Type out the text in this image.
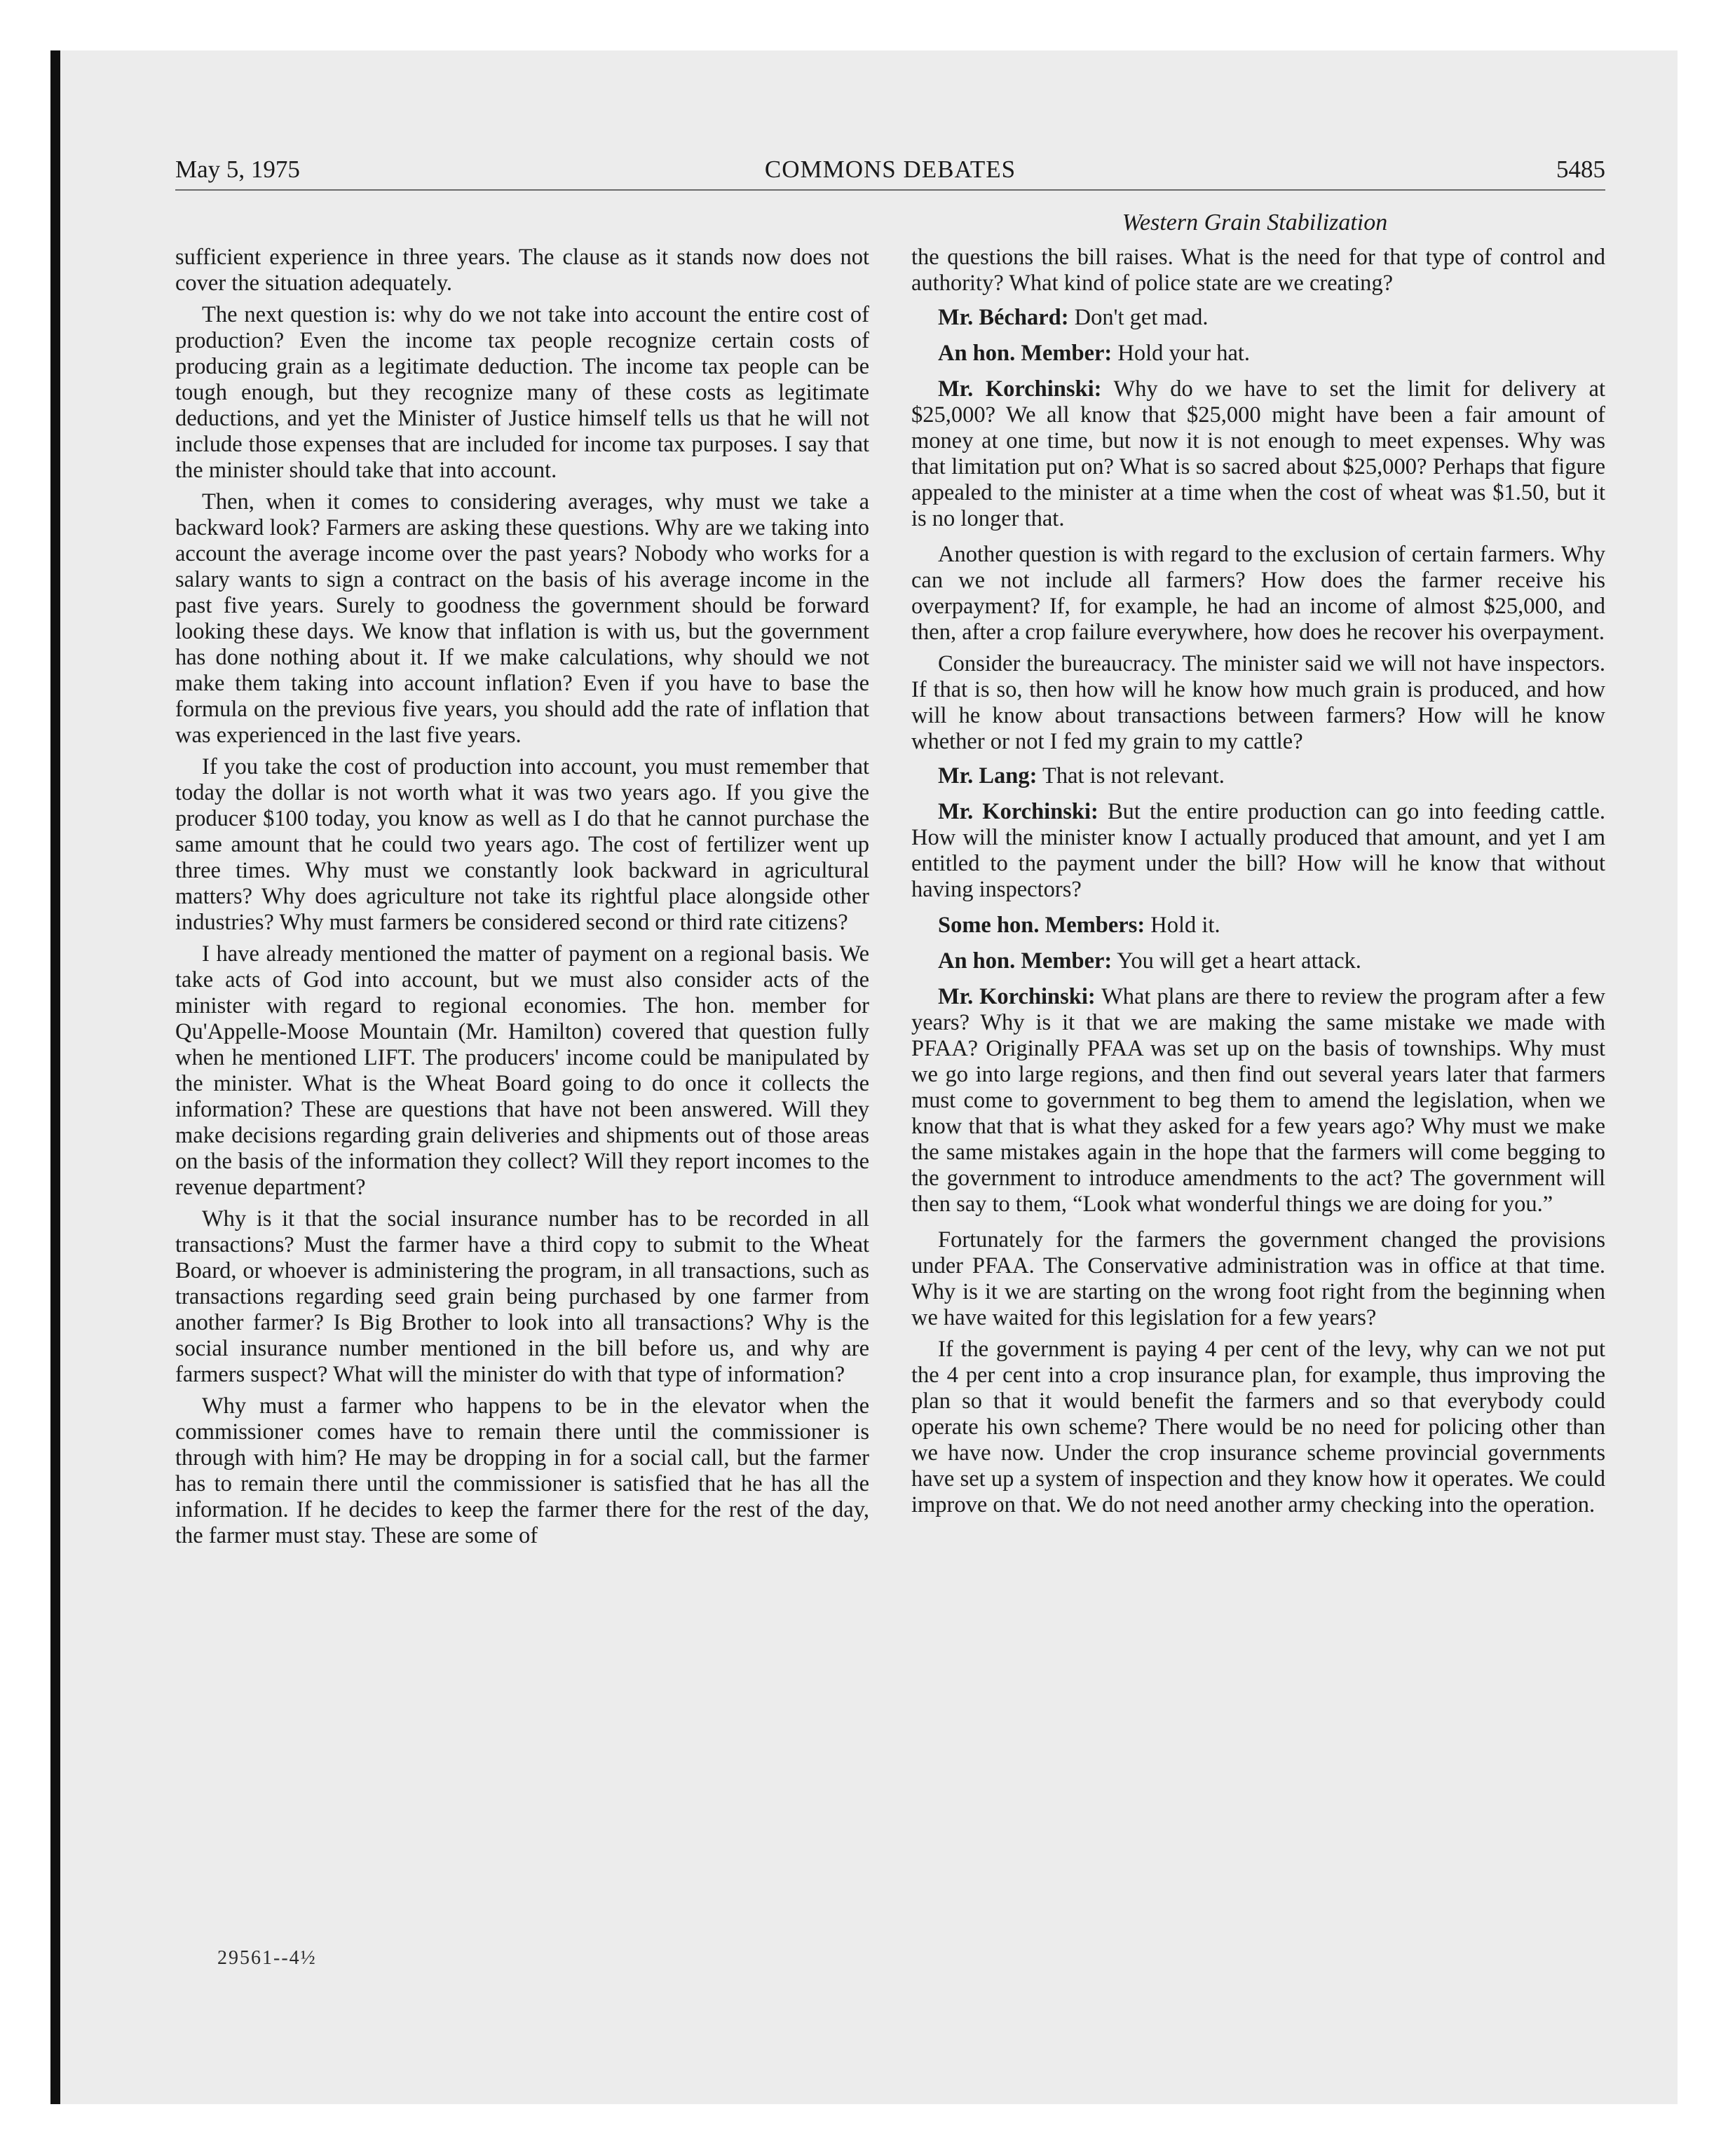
May 5, 1975	COMMONS DEBATES	5485
Western Grain Stabilization

sufficient experience in three years. The clause as it stands now does not cover the situation adequately.

The next question is: why do we not take into account the entire cost of production? Even the income tax people recognize certain costs of producing grain as a legitimate deduction. The income tax people can be tough enough, but they recognize many of these costs as legitimate deductions, and yet the Minister of Justice himself tells us that he will not include those expenses that are included for income tax purposes. I say that the minister should take that into account.

Then, when it comes to considering averages, why must we take a backward look? Farmers are asking these questions. Why are we taking into account the average income over the past years? Nobody who works for a salary wants to sign a contract on the basis of his average income in the past five years. Surely to goodness the government should be forward looking these days. We know that inflation is with us, but the government has done nothing about it. If we make calculations, why should we not make them taking into account inflation? Even if you have to base the formula on the previous five years, you should add the rate of inflation that was experienced in the last five years.

If you take the cost of production into account, you must remember that today the dollar is not worth what it was two years ago. If you give the producer $100 today, you know as well as I do that he cannot purchase the same amount that he could two years ago. The cost of fertilizer went up three times. Why must we constantly look backward in agricultural matters? Why does agriculture not take its rightful place alongside other industries? Why must farmers be considered second or third rate citizens?

I have already mentioned the matter of payment on a regional basis. We take acts of God into account, but we must also consider acts of the minister with regard to regional economies. The hon. member for Qu'Appelle-Moose Mountain (Mr. Hamilton) covered that question fully when he mentioned LIFT. The producers' income could be manipulated by the minister. What is the Wheat Board going to do once it collects the information? These are questions that have not been answered. Will they make decisions regarding grain deliveries and shipments out of those areas on the basis of the information they collect? Will they report incomes to the revenue department?

Why is it that the social insurance number has to be recorded in all transactions? Must the farmer have a third copy to submit to the Wheat Board, or whoever is administering the program, in all transactions, such as transactions regarding seed grain being purchased by one farmer from another farmer? Is Big Brother to look into all transactions? Why is the social insurance number mentioned in the bill before us, and why are farmers suspect? What will the minister do with that type of information?

Why must a farmer who happens to be in the elevator when the commissioner comes have to remain there until the commissioner is through with him? He may be dropping in for a social call, but the farmer has to remain there until the commissioner is satisfied that he has all the information. If he decides to keep the farmer there for the rest of the day, the farmer must stay. These are some of

the questions the bill raises. What is the need for that type of control and authority? What kind of police state are we creating?

Mr. Béchard: Don't get mad.

An hon. Member: Hold your hat.

Mr. Korchinski: Why do we have to set the limit for delivery at $25,000? We all know that $25,000 might have been a fair amount of money at one time, but now it is not enough to meet expenses. Why was that limitation put on? What is so sacred about $25,000? Perhaps that figure appealed to the minister at a time when the cost of wheat was $1.50, but it is no longer that.

Another question is with regard to the exclusion of certain farmers. Why can we not include all farmers? How does the farmer receive his overpayment? If, for example, he had an income of almost $25,000, and then, after a crop failure everywhere, how does he recover his overpayment.

Consider the bureaucracy. The minister said we will not have inspectors. If that is so, then how will he know how much grain is produced, and how will he know about transactions between farmers? How will he know whether or not I fed my grain to my cattle?

Mr. Lang: That is not relevant.

Mr. Korchinski: But the entire production can go into feeding cattle. How will the minister know I actually produced that amount, and yet I am entitled to the payment under the bill? How will he know that without having inspectors?

Some hon. Members: Hold it.

An hon. Member: You will get a heart attack.

Mr. Korchinski: What plans are there to review the program after a few years? Why is it that we are making the same mistake we made with PFAA? Originally PFAA was set up on the basis of townships. Why must we go into large regions, and then find out several years later that farmers must come to government to beg them to amend the legislation, when we know that that is what they asked for a few years ago? Why must we make the same mistakes again in the hope that the farmers will come begging to the government to introduce amendments to the act? The government will then say to them, “Look what wonderful things we are doing for you.”

Fortunately for the farmers the government changed the provisions under PFAA. The Conservative administration was in office at that time. Why is it we are starting on the wrong foot right from the beginning when we have waited for this legislation for a few years?

If the government is paying 4 per cent of the levy, why can we not put the 4 per cent into a crop insurance plan, for example, thus improving the plan so that it would benefit the farmers and so that everybody could operate his own scheme? There would be no need for policing other than we have now. Under the crop insurance scheme provincial governments have set up a system of inspection and they know how it operates. We could improve on that. We do not need another army checking into the operation.

29561--4½
